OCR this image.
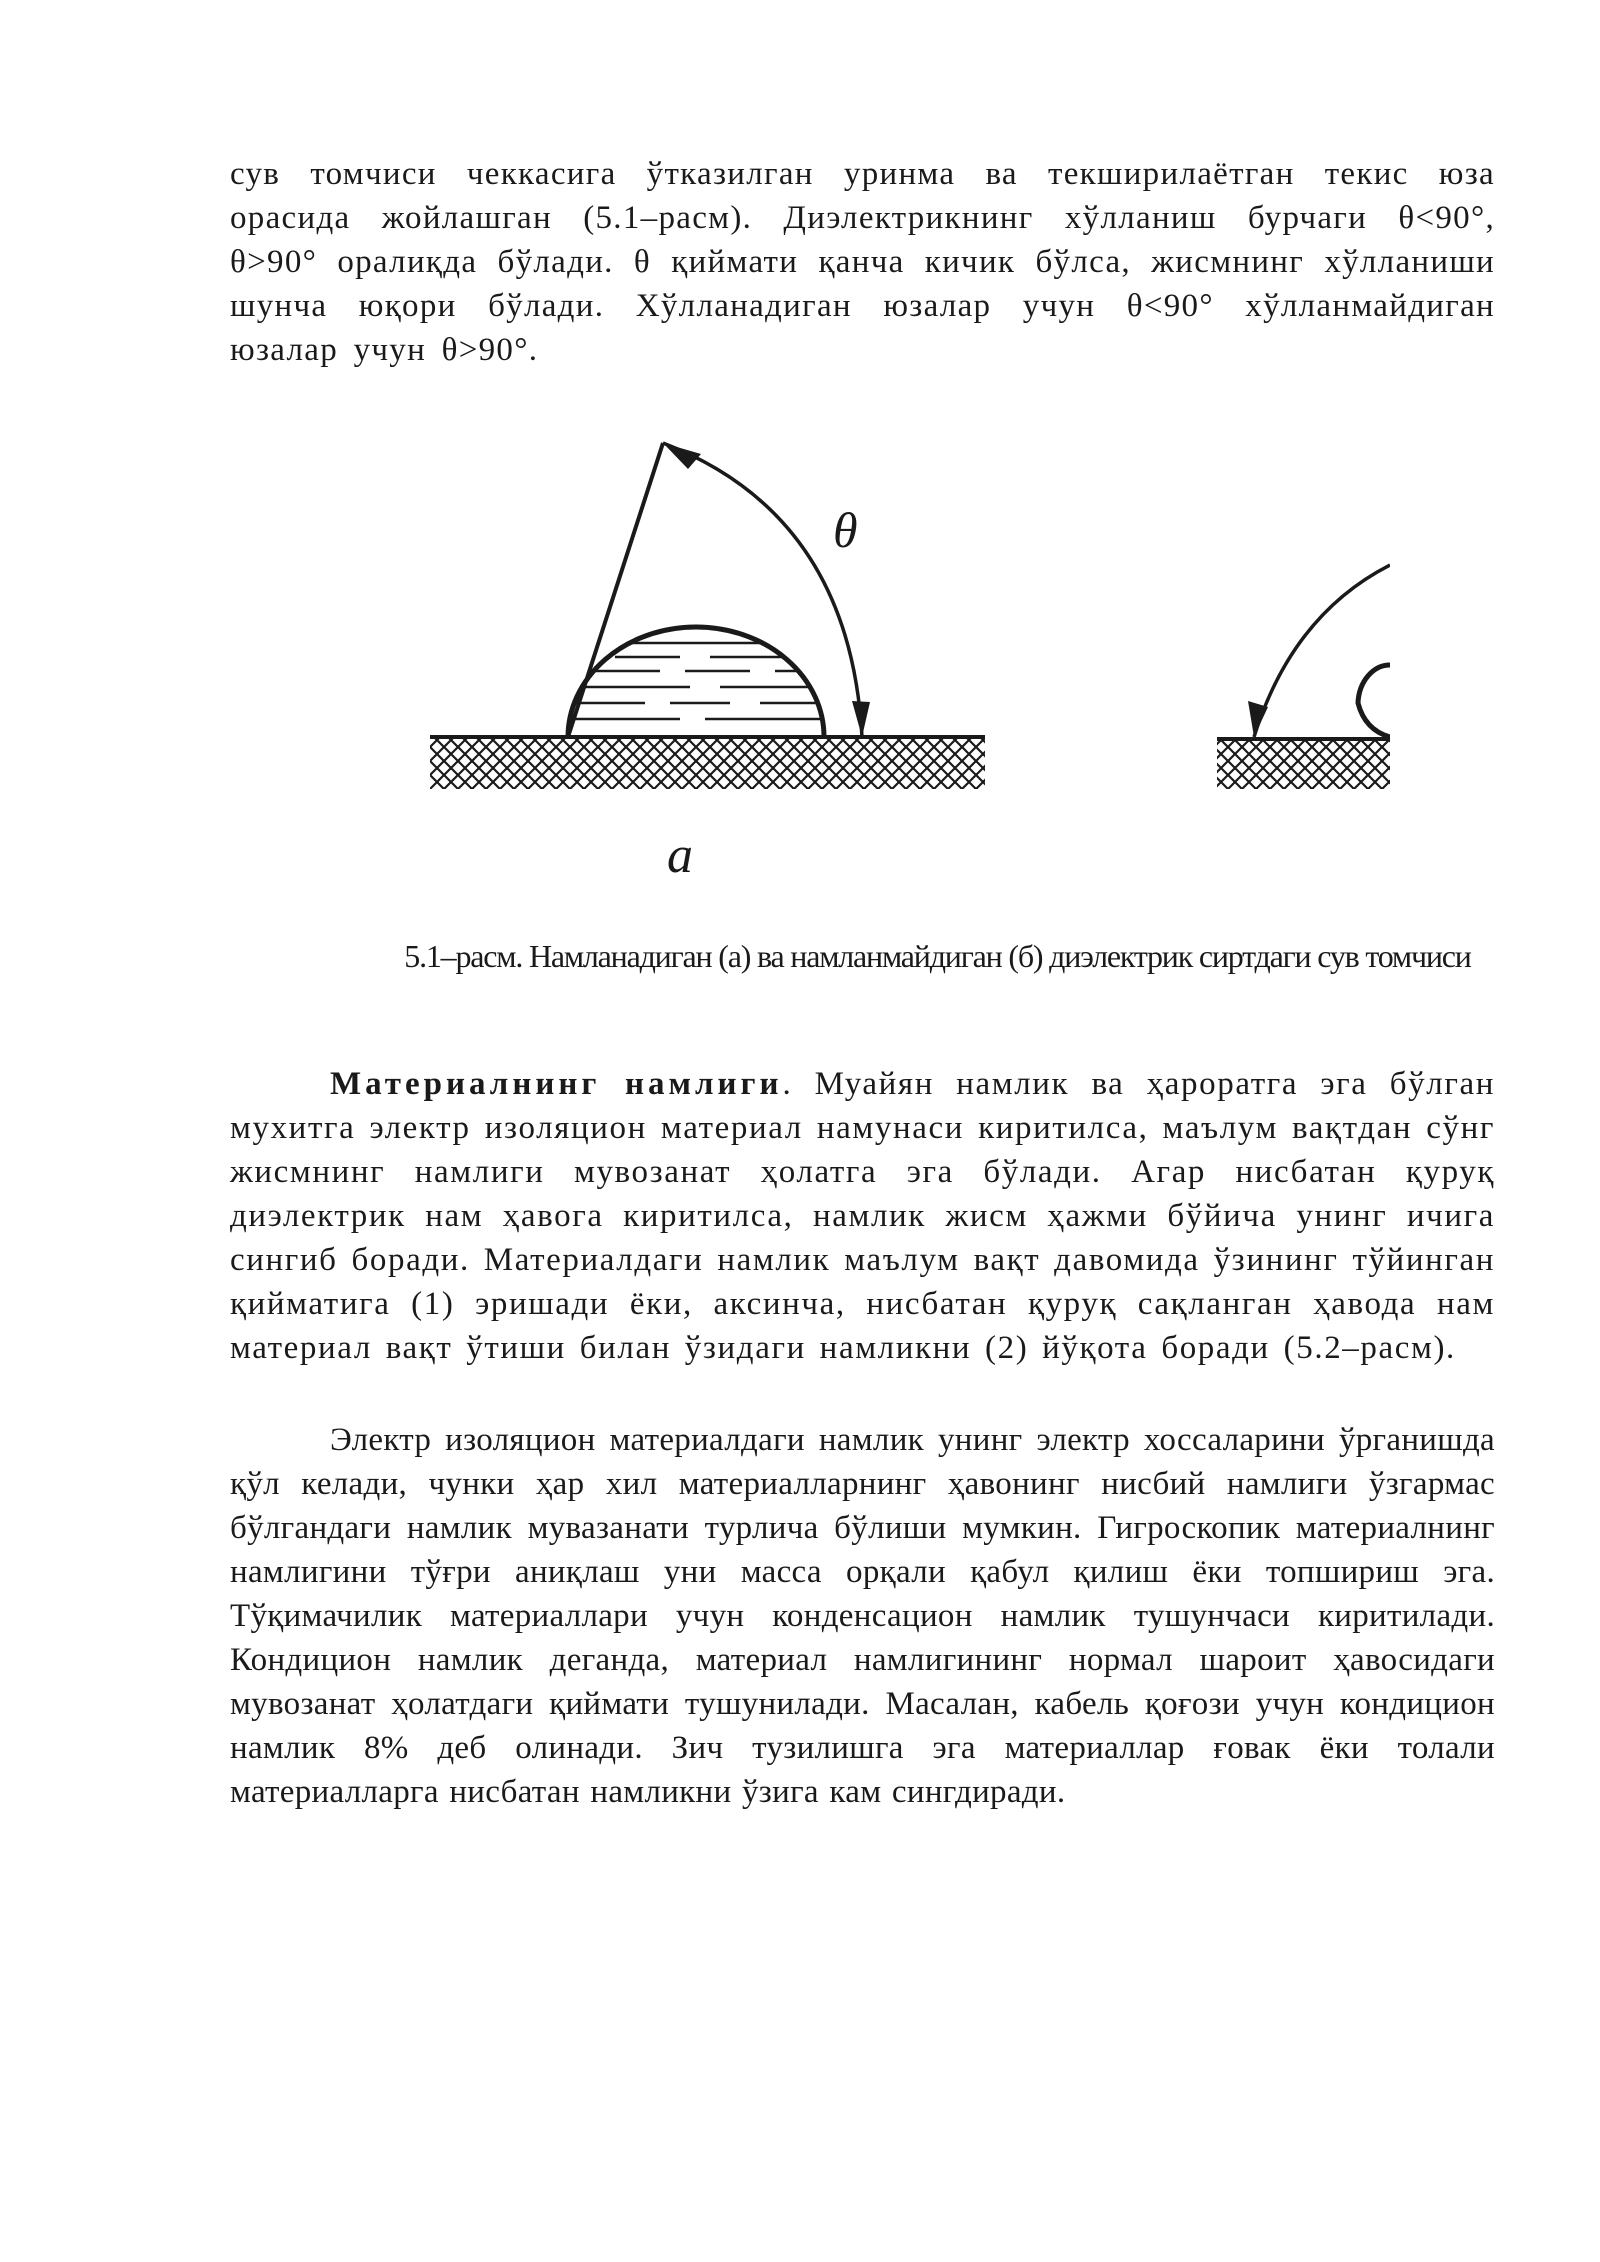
сув томчиси чеккасига ўтказилган уринма ва текширилаётган текис юза орасида жойлашган (5.1–расм). Диэлектрикнинг хўлланиш бурчаги θ<90°, θ>90° оралиқда бўлади. θ қиймати қанча кичик бўлса, жисмнинг хўлланиши шунча юқори бўлади. Хўлланадиган юзалар учун θ<90° хўлланмайдиган юзалар учун θ>90°.

θ
a

5.1–расм. Намланадиган (а) ва намланмайдиган (б) диэлектрик сиртдаги сув томчиси

Материалнинг намлиги. Муайян намлик ва ҳароратга эга бўлган мухитга электр изоляцион материал намунаси киритилса, маълум вақтдан сўнг жисмнинг намлиги мувозанат ҳолатга эга бўлади. Агар нисбатан қуруқ диэлектрик нам ҳавога киритилса, намлик жисм ҳажми бўйича унинг ичига сингиб боради. Материалдаги намлик маълум вақт давомида ўзининг тўйинган қийматига (1) эришади ёки, аксинча, нисбатан қуруқ сақланган ҳавода нам материал вақт ўтиши билан ўзидаги намликни (2) йўқота боради (5.2–расм).

Электр изоляцион материалдаги намлик унинг электр хоссаларини ўрганишда қўл келади, чунки ҳар хил материалларнинг ҳавонинг нисбий намлиги ўзгармас бўлгандаги намлик мувазанати турлича бўлиши мумкин. Гигроскопик материалнинг намлигини тўғри аниқлаш уни масса орқали қабул қилиш ёки топшириш эга. Тўқимачилик материаллари учун конденсацион намлик тушунчаси киритилади. Кондицион намлик деганда, материал намлигининг нормал шароит ҳавосидаги мувозанат ҳолатдаги қиймати тушунилади. Масалан, кабель қоғози учун кондицион намлик 8% деб олинади. Зич тузилишга эга материаллар ғовак ёки толали материалларга нисбатан намликни ўзига кам сингдиради.
